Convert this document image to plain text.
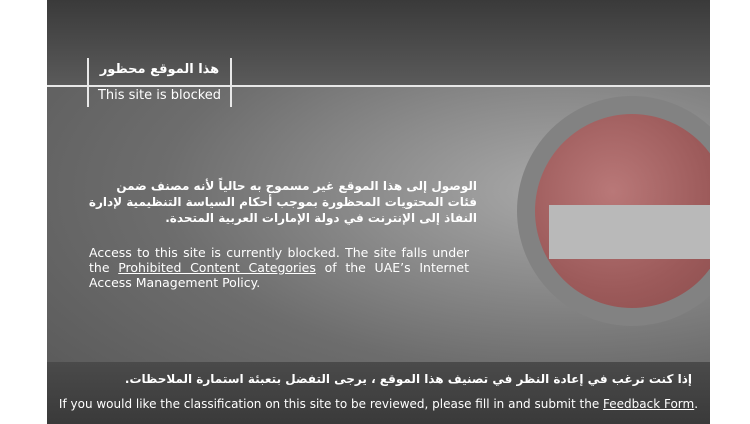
هذا الموقع محظور
This site is blocked
الوصول إلى هذا الموقع غير مسموح به حالياً لأنه مصنف ضمن فئات المحتويات المحظورة بموجب أحكام السياسة التنظيمية لإدارة النفاذ إلى الإنترنت في دولة الإمارات العربية المتحدة.
Access to this site is currently blocked. The site falls under the Prohibited Content Categories of the UAE’s Internet Access Management Policy.
إذا كنت ترغب في إعادة النظر في تصنيف هذا الموقع ، يرجى التفضل بتعبئة استمارة الملاحظات.
If you would like the classification on this site to be reviewed, please fill in and submit the Feedback Form.
